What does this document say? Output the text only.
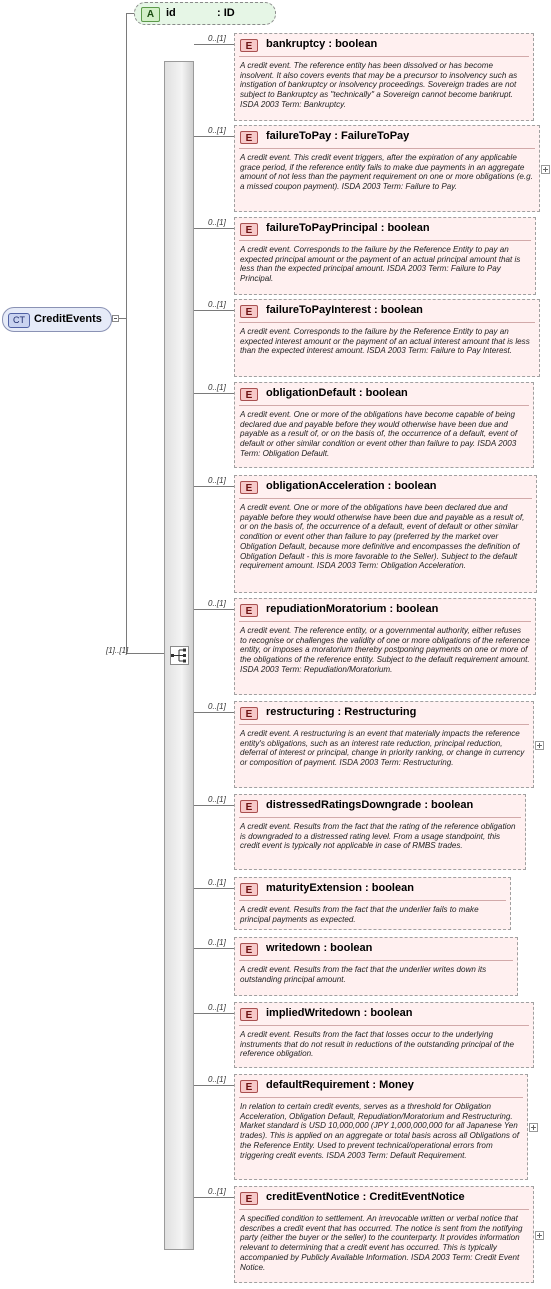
A	id	: ID
CT CreditEvents
[1]..[1]
0..[1]
E	bankruptcy : boolean
A credit event. The reference entity has been dissolved or has become insolvent. It also covers events that may be a precursor to insolvency such as instigation of bankruptcy or insolvency proceedings. Sovereign trades are not subject to Bankruptcy as "technically" a Sovereign cannot become bankrupt. ISDA 2003 Term: Bankruptcy.
0..[1]
E	failureToPay : FailureToPay
A credit event. This credit event triggers, after the expiration of any applicable grace period, if the reference entity fails to make due payments in an aggregate amount of not less than the payment requirement on one or more obligations (e.g. a missed coupon payment). ISDA 2003 Term: Failure to Pay.
0..[1]
E	failureToPayPrincipal : boolean
A credit event. Corresponds to the failure by the Reference Entity to pay an expected principal amount or the payment of an actual principal amount that is less than the expected principal amount. ISDA 2003 Term: Failure to Pay Principal.
0..[1]
E	failureToPayInterest : boolean
A credit event. Corresponds to the failure by the Reference Entity to pay an expected interest amount or the payment of an actual interest amount that is less than the expected interest amount. ISDA 2003 Term: Failure to Pay Interest.
0..[1]
E	obligationDefault : boolean
A credit event. One or more of the obligations have become capable of being declared due and payable before they would otherwise have been due and payable as a result of, or on the basis of, the occurrence of a default, event of default or other similar condition or event other than failure to pay. ISDA 2003 Term: Obligation Default.
0..[1]
E	obligationAcceleration : boolean
A credit event. One or more of the obligations have been declared due and payable before they would otherwise have been due and payable as a result of, or on the basis of, the occurrence of a default, event of default or other similar condition or event other than failure to pay (preferred by the market over Obligation Default, because more definitive and encompasses the definition of Obligation Default - this is more favorable to the Seller). Subject to the default requirement amount. ISDA 2003 Term: Obligation Acceleration.
0..[1]
E	repudiationMoratorium : boolean
A credit event. The reference entity, or a governmental authority, either refuses to recognise or challenges the validity of one or more obligations of the reference entity, or imposes a moratorium thereby postponing payments on one or more of the obligations of the reference entity. Subject to the default requirement amount. ISDA 2003 Term: Repudiation/Moratorium.
0..[1]
E	restructuring : Restructuring
A credit event. A restructuring is an event that materially impacts the reference entity's obligations, such as an interest rate reduction, principal reduction, deferral of interest or principal, change in priority ranking, or change in currency or composition of payment. ISDA 2003 Term: Restructuring.
0..[1]
E	distressedRatingsDowngrade : boolean
A credit event. Results from the fact that the rating of the reference obligation is downgraded to a distressed rating level. From a usage standpoint, this credit event is typically not applicable in case of RMBS trades.
0..[1]
E	maturityExtension : boolean
A credit event. Results from the fact that the underlier fails to make principal payments as expected.
0..[1]
E	writedown : boolean
A credit event. Results from the fact that the underlier writes down its outstanding principal amount.
0..[1]
E	impliedWritedown : boolean
A credit event. Results from the fact that losses occur to the underlying instruments that do not result in reductions of the outstanding principal of the reference obligation.
0..[1]
E	defaultRequirement : Money
In relation to certain credit events, serves as a threshold for Obligation Acceleration, Obligation Default, Repudiation/Moratorium and Restructuring. Market standard is USD 10,000,000 (JPY 1,000,000,000 for all Japanese Yen trades). This is applied on an aggregate or total basis across all Obligations of the Reference Entity. Used to prevent technical/operational errors from triggering credit events. ISDA 2003 Term: Default Requirement.
0..[1]
E	creditEventNotice : CreditEventNotice
A specified condition to settlement. An irrevocable written or verbal notice that describes a credit event that has occurred. The notice is sent from the notifying party (either the buyer or the seller) to the counterparty. It provides information relevant to determining that a credit event has occurred. This is typically accompanied by Publicly Available Information. ISDA 2003 Term: Credit Event Notice.
